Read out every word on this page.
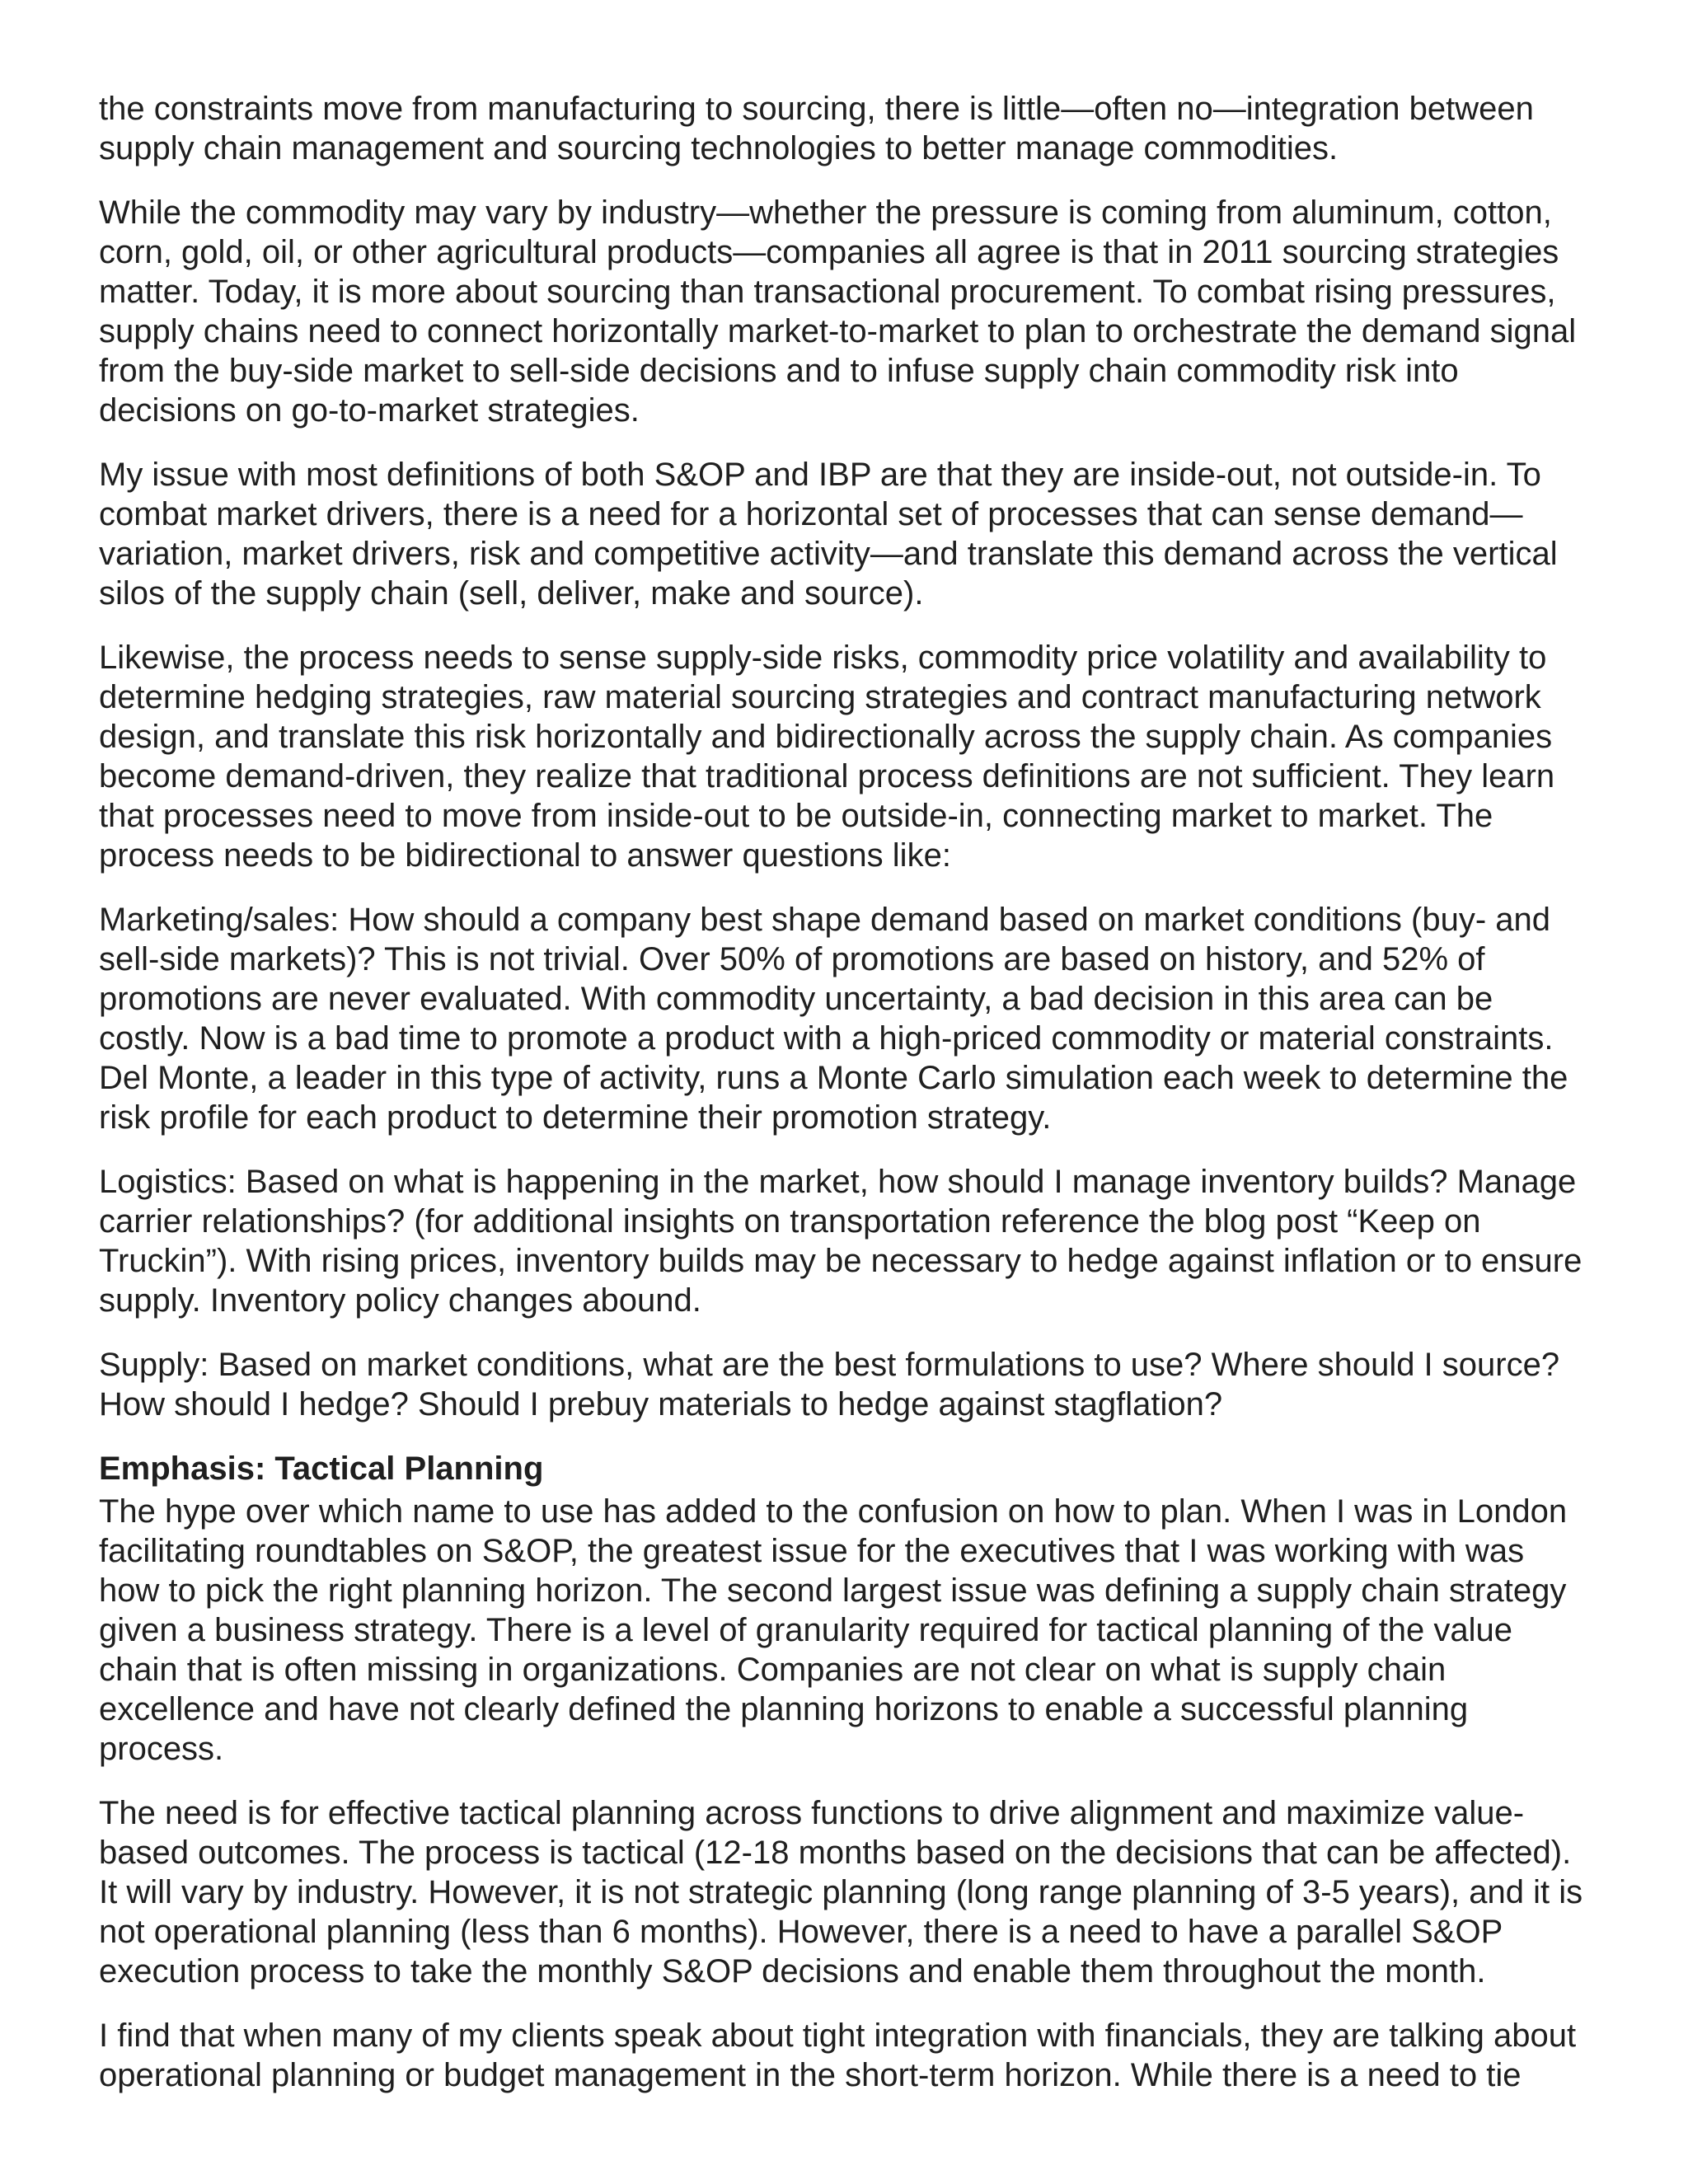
the constraints move from manufacturing to sourcing, there is little—often no—integration between supply chain management and sourcing technologies to better manage commodities.

While the commodity may vary by industry—whether the pressure is coming from aluminum, cotton, corn, gold, oil, or other agricultural products—companies all agree is that in 2011 sourcing strategies matter. Today, it is more about sourcing than transactional procurement. To combat rising pressures, supply chains need to connect horizontally market-to-market to plan to orchestrate the demand signal from the buy-side market to sell-side decisions and to infuse supply chain commodity risk into decisions on go-to-market strategies.

My issue with most definitions of both S&OP and IBP are that they are inside-out, not outside-in. To combat market drivers, there is a need for a horizontal set of processes that can sense demand—variation, market drivers, risk and competitive activity—and translate this demand across the vertical silos of the supply chain (sell, deliver, make and source).

Likewise, the process needs to sense supply-side risks, commodity price volatility and availability to determine hedging strategies, raw material sourcing strategies and contract manufacturing network design, and translate this risk horizontally and bidirectionally across the supply chain. As companies become demand-driven, they realize that traditional process definitions are not sufficient. They learn that processes need to move from inside-out to be outside-in, connecting market to market. The process needs to be bidirectional to answer questions like:

Marketing/sales: How should a company best shape demand based on market conditions (buy- and sell-side markets)? This is not trivial. Over 50% of promotions are based on history, and 52% of promotions are never evaluated. With commodity uncertainty, a bad decision in this area can be costly. Now is a bad time to promote a product with a high-priced commodity or material constraints. Del Monte, a leader in this type of activity, runs a Monte Carlo simulation each week to determine the risk profile for each product to determine their promotion strategy.

Logistics: Based on what is happening in the market, how should I manage inventory builds? Manage carrier relationships? (for additional insights on transportation reference the blog post “Keep on Truckin”). With rising prices, inventory builds may be necessary to hedge against inflation or to ensure supply. Inventory policy changes abound.

Supply: Based on market conditions, what are the best formulations to use? Where should I source? How should I hedge? Should I prebuy materials to hedge against stagflation?

Emphasis: Tactical Planning

The hype over which name to use has added to the confusion on how to plan. When I was in London facilitating roundtables on S&OP, the greatest issue for the executives that I was working with was how to pick the right planning horizon. The second largest issue was defining a supply chain strategy given a business strategy. There is a level of granularity required for tactical planning of the value chain that is often missing in organizations. Companies are not clear on what is supply chain excellence and have not clearly defined the planning horizons to enable a successful planning process.

The need is for effective tactical planning across functions to drive alignment and maximize value-based outcomes. The process is tactical (12-18 months based on the decisions that can be affected). It will vary by industry. However, it is not strategic planning (long range planning of 3-5 years), and it is not operational planning (less than 6 months). However, there is a need to have a parallel S&OP execution process to take the monthly S&OP decisions and enable them throughout the month.

I find that when many of my clients speak about tight integration with financials, they are talking about operational planning or budget management in the short-term horizon. While there is a need to tie
